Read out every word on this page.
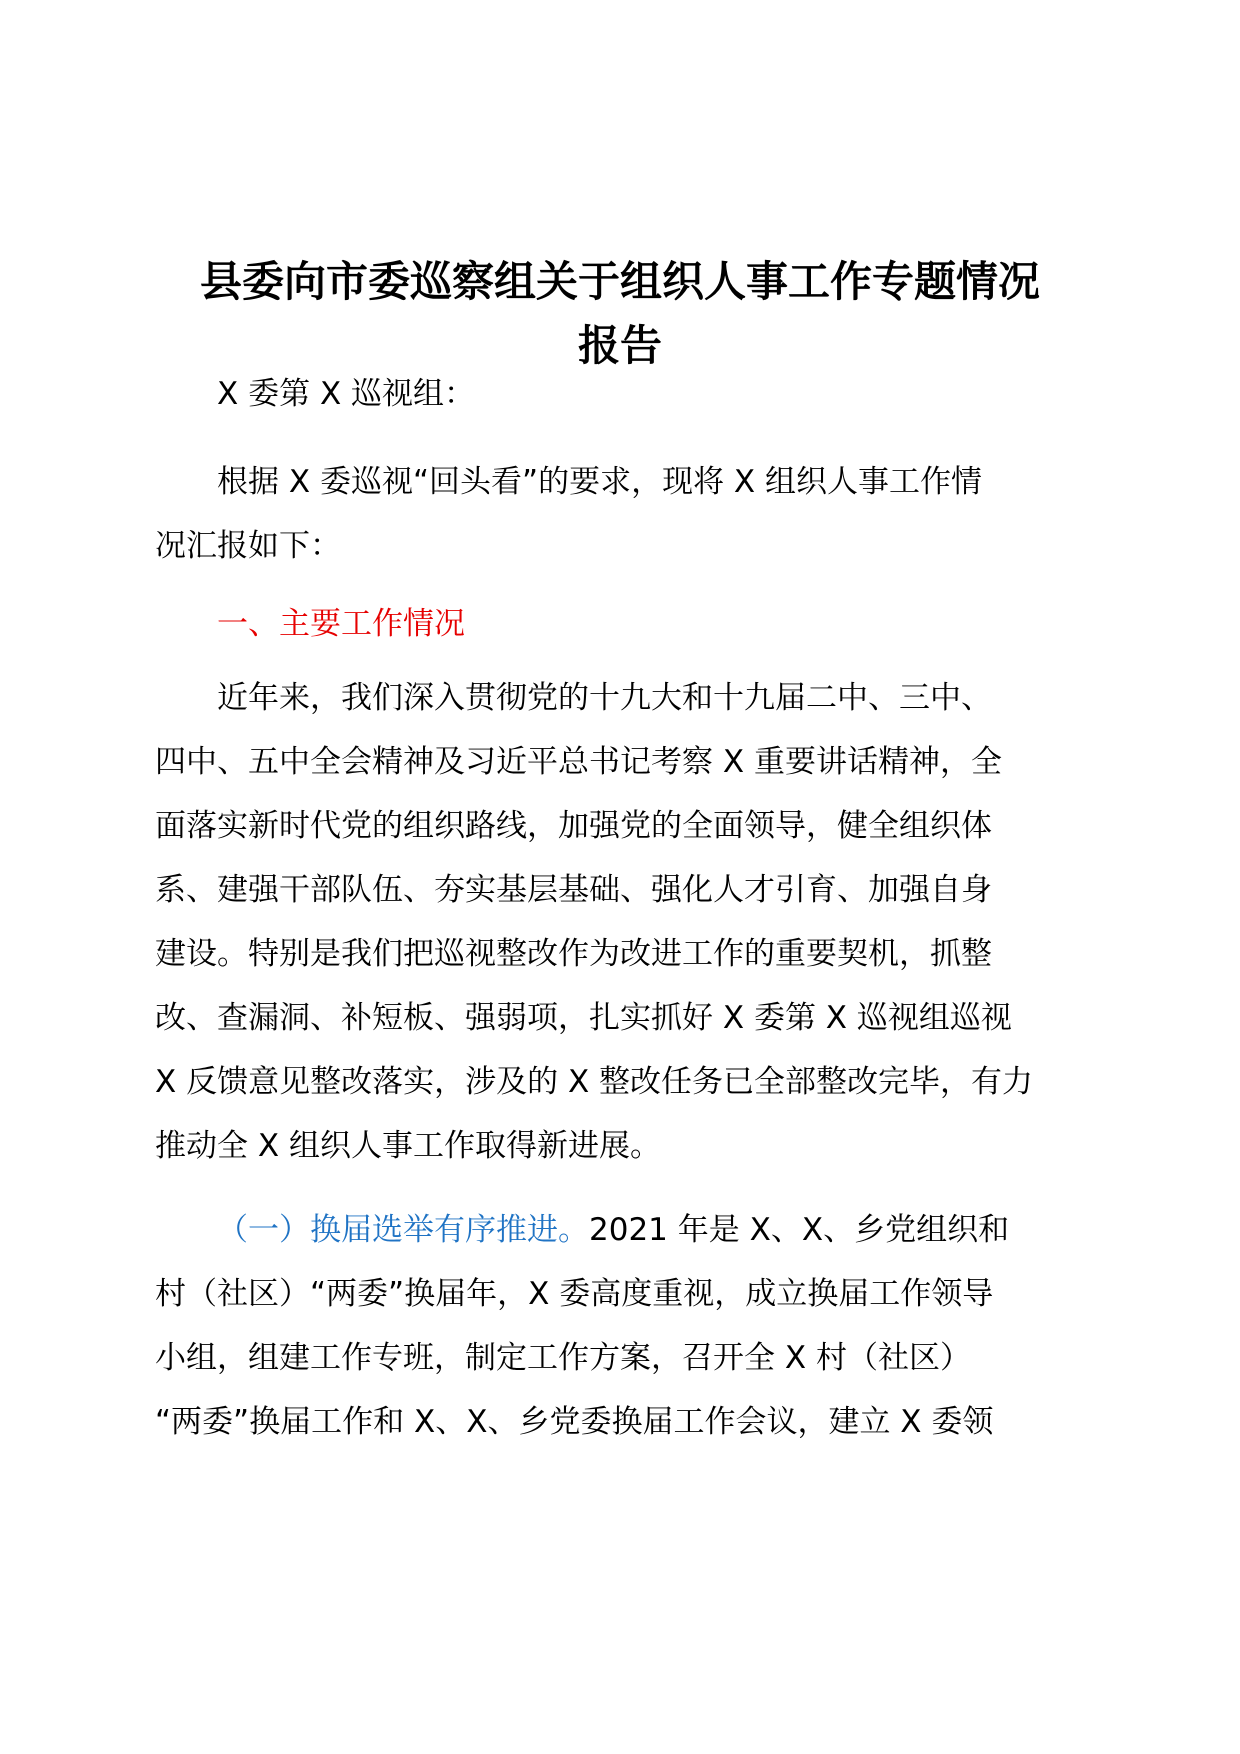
县委向市委巡察组关于组织人事工作专题情况
报告
X 委第 X 巡视组：
根据 X 委巡视“回头看”的要求，现将 X 组织人事工作情
况汇报如下：
一、主要工作情况
近年来，我们深入贯彻党的十九大和十九届二中、三中、
四中、五中全会精神及习近平总书记考察 X 重要讲话精神，全
面落实新时代党的组织路线，加强党的全面领导，健全组织体
系、建强干部队伍、夯实基层基础、强化人才引育、加强自身
建设。特别是我们把巡视整改作为改进工作的重要契机，抓整
改、查漏洞、补短板、强弱项，扎实抓好 X 委第 X 巡视组巡视
X 反馈意见整改落实，涉及的 X 整改任务已全部整改完毕，有力
推动全 X 组织人事工作取得新进展。
（一）换届选举有序推进。2021 年是 X、X、乡党组织和
村（社区）“两委”换届年，X 委高度重视，成立换届工作领导
小组，组建工作专班，制定工作方案，召开全 X 村（社区）
“两委”换届工作和 X、X、乡党委换届工作会议，建立 X 委领
